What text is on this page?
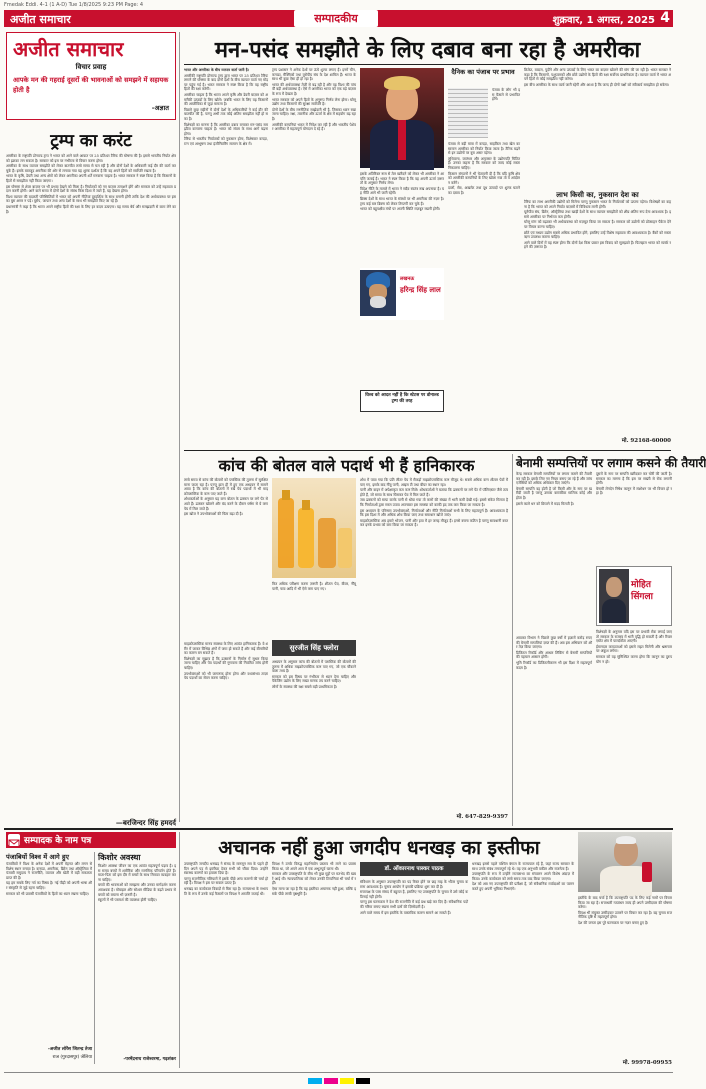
Fmedak Eddi. 4-1 (1 A-D) Tue 1/8/2025 9:23 PM Page: 4
अजीत समाचार	सम्पादकीय	शुक्रवार, 1 अगस्त, 2025 4
अजीत समाचार
विचार प्रवाह
आपके मन की गहराई दूसरों की भावनाओं को समझने में सहायक होती है
-अज्ञात
ट्रम्प का करंट

अमरीका के राष्ट्रपति डोनाल्ड ट्रम्प ने भारत को आने वाले आयात पर 25 प्रतिशत टैरिफ की घोषणा की है। इससे भारतीय निर्यात क्षेत्र को झटका लग सकता है। सरकार को इस पर गंभीरता से विचार करना होगा।

अमरीका के साथ व्यापार समझौते को लेकर बातचीत लम्बे समय से चल रही है और दोनों देशों के अधिकारी कई दौर की वार्ता कर चुके हैं। इसके बावजूद अमरीका की ओर से लगाया गया यह शुल्क दर्शाता है कि वह अपने हितों को सर्वोपरि रखता है।

भारत के कृषि, डेयरी तथा अन्य क्षेत्रों को लेकर अमरीका अपनी शर्तें मनवाना चाहता है। भारत सरकार ने स्पष्ट किया है कि किसानों के हितों से समझौता नहीं किया जाएगा।

इस घोषणा से शेयर बाज़ार पर भी प्रभाव देखने को मिला है। निर्यातकों को नए बाज़ार तलाशने होंगे और सरकार को उन्हें सहायता प्रदान करनी होगी। आने वाले समय में दोनों देशों के संबंध किस दिशा में जाते हैं, यह देखना होगा।

विश्व व्यापार की बदलती परिस्थितियों में भारत को अपनी नीतियां दूरदर्शिता के साथ बनानी होंगी ताकि देश की अर्थव्यवस्था पर इसका बुरा असर न पड़े। यूरोप, जापान तथा अन्य देशों के साथ भी समझौते किए जा रहे हैं।

प्रधानमंत्री ने कहा है कि भारत अपने राष्ट्रीय हितों की रक्षा के लिए हर कदम उठाएगा। यह समय धैर्य और समझदारी से काम लेने का है।

—बरजिन्दर सिंह हमदर्द
मन-पसंद समझौते के लिए दबाव बना रहा है अमरीका

भारत और अमरीका के बीच व्यापार वार्ता जारी है।

अमरीकी राष्ट्रपति डोनाल्ड ट्रम्प द्वारा भारत पर 25 प्रतिशत टैरिफ लगाने की घोषणा के बाद दोनों देशों के बीच व्यापार वार्ता नए मोड़ पर पहुंच गई है। भारत सरकार ने स्पष्ट किया है कि वह राष्ट्रीय हितों की रक्षा करेगी।

अमरीका चाहता है कि भारत अपने कृषि और डेयरी बाज़ार को अमरीकी उत्पादों के लिए खोले। जबकि भारत के लिए यह किसानों की आजीविका से जुड़ा मामला है।

पिछले कुछ महीनों में दोनों देशों के अधिकारियों ने कई दौर की बातचीत की है, परन्तु अभी तक कोई अंतिम समझौता नहीं हो सका है।

विशेषज्ञों का मानना है कि अमरीका दबाव बनाकर मन-पसंद समझौता करवाना चाहता है। भारत को संयम के साथ आगे बढ़ना होगा।

टैरिफ से भारतीय निर्यातकों को नुकसान होगा, विशेषकर कपड़ा, रत्न एवं आभूषण तथा इंजीनियरिंग सामान के क्षेत्र में।

ट्रम्प प्रशासन ने अनेक देशों पर ऊंचे शुल्क लगाए हैं। इनमें चीन, कनाडा, मैक्सिको तथा यूरोपीय संघ के देश शामिल हैं। भारत के साथ भी कुछ ऐसा ही हो रहा है।

भारत की अर्थव्यवस्था तेज़ी से बढ़ रही है और वह विश्व की पांचवीं बड़ी अर्थव्यवस्था है। ऐसे में अमरीका भारत को एक बड़े बाज़ार के रूप में देखता है।

भारत सरकार को अपने हितों के अनुरूप निर्णय लेना होगा। घरेलू उद्योग तथा किसानों की सुरक्षा सर्वोपरि है।

दोनों देशों के बीच रणनीतिक साझेदारी भी है, जिसका ध्यान रखा जाना चाहिए। रक्षा, तकनीक और ऊर्जा के क्षेत्र में सहयोग बढ़ रहा है।

अमरीकी कम्पनियां भारत में निवेश कर रही हैं और भारतीय पेशेवर अमरीका में महत्वपूर्ण योगदान दे रहे हैं।

इसके अतिरिक्त रूस से तेल खरीदने को लेकर भी अमरीका ने आपत्ति जताई है। भारत ने स्पष्ट किया है कि वह अपनी ऊर्जा ज़रूरतों के अनुसार निर्णय लेगा।

विदेश नीति के मामले में भारत ने सदैव स्वतंत्र रुख अपनाया है। यह नीति आगे भी जारी रहेगी।

ब्रिक्स देशों के साथ भारत के संबंधों पर भी अमरीका की नज़र है। ट्रम्प कई बार ब्रिक्स को लेकर टिप्पणी कर चुके हैं।

भारत को बहुपक्षीय मंचों पर अपनी स्थिति मज़बूत रखनी होगी।

लखनऊ
हरिन्द्र सिंह लाल
विश्व को आदत नहीं है कि स्टेटस पर डोनाल्ड ट्रम्प की तरह
दैनिक का पंजाब पर प्रभाव

पंजाब के लोग भी इस फ़ैसले से प्रभावित होंगे।

पंजाब से बड़ी मात्रा में कपड़ा, साइकिल तथा खेल का सामान अमरीका को निर्यात किया जाता है। टैरिफ बढ़ने से इन उद्योगों पर बुरा असर पड़ेगा।

लुधियाना, जालंधर और अमृतसर के उद्योगपति चिंतित हैं। उनका कहना है कि सरकार को जल्द कोई रास्ता निकालना चाहिए।

किसान संगठनों ने भी चेतावनी दी है कि यदि कृषि क्षेत्र को अमरीकी कम्पनियों के लिए खोला गया तो वे आंदोलन करेंगे।

दालों, सेब, अखरोट तथा दूध उत्पादों पर शुल्क घटाने का दबाव है।

क्रिकेट, बादाम, पुदीने और अन्य उत्पादों के लिए भारत का बाज़ार खोलने की मांग की जा रही है। भारत सरकार ने कहा है कि किसानों, पशुपालकों और छोटे उद्योगों के हितों की रक्षा सर्वोच्च प्राथमिकता है। व्यापार वार्ता में भारत अपने हितों से कोई समझौता नहीं करेगा।

इस बीच अमरीका के साथ वार्ता जारी रहेगी और आशा है कि जल्द ही दोनों पक्षों को स्वीकार्य समझौता हो सकेगा।

लाभ किसी का, नुकसान देश का

टैरिफ का लाभ अमरीकी उद्योगों को मिलेगा परन्तु नुकसान भारत के निर्यातकों को उठाना पड़ेगा। विशेषज्ञों का कहना है कि भारत को अपने निर्यात बाज़ारों में विविधता लानी होगी।

यूरोपीय संघ, ब्रिटेन, ऑस्ट्रेलिया तथा खाड़ी देशों के साथ व्यापार समझौतों को शीघ्र अंतिम रूप देना आवश्यक है। इससे अमरीका पर निर्भरता कम होगी।

घरेलू मांग को बढ़ाकर भी अर्थव्यवस्था को मज़बूत किया जा सकता है। सरकार को उद्योगों को प्रोत्साहन पैकेज देने पर विचार करना चाहिए।

छोटे एवं मध्यम उद्योग सबसे अधिक प्रभावित होंगे, इसलिए उन्हें विशेष सहायता की आवश्यकता है। बैंकों को सस्ता ऋण उपलब्ध कराना चाहिए।

आने वाले दिनों में यह स्पष्ट होगा कि दोनों देश किस प्रकार इस विवाद को सुलझाते हैं। फिलहाल भारत को सतर्क रहने की ज़रूरत है।

मो. 92168-60000
कांच की बोतल वाले पदार्थ भी हैं हानिकारक

लम्बे समय से कांच की बोतलों को प्लास्टिक की तुलना में सुरक्षित माना जाता रहा है। परन्तु हाल ही में हुए एक अध्ययन में सामने आया है कि कांच की बोतलों में रखे पेय पदार्थों में भी माइक्रोप्लास्टिक के कण पाए जाते हैं।

शोधकर्ताओं के अनुसार यह कण बोतल के ढक्कन पर लगे पेंट से आते हैं। ढक्कन खोलने और बंद करने के दौरान घर्षण से ये कण पेय में मिल जाते हैं।

इस खोज ने उपभोक्ताओं की चिंता बढ़ा दी है।

फिर अधिक परीक्षण करना ज़रूरी है। शीतल पेय, बीयर, नींबू पानी, चाय आदि में भी ऐसे कण पाए गए।

सुरजीत सिंह फ्लोरा

माइक्रोप्लास्टिक मानव स्वास्थ्य के लिए अत्यंत हानिकारक हैं। ये शरीर में जाकर विभिन्न अंगों में जमा हो सकते हैं और कई बीमारियों का कारण बन सकते हैं।

विशेषज्ञों का सुझाव है कि ढक्कनों के निर्माण में सुधार किया जाना चाहिए और पेय पदार्थों की गुणवत्ता की नियमित जांच होनी चाहिए।

उपभोक्ताओं को भी जागरूक होना होगा और यथासंभव ताज़ा पेय पदार्थों का सेवन करना चाहिए।

अध्ययन के अनुसार कांच की बोतलों में प्लास्टिक की बोतलों की तुलना में अधिक माइक्रोप्लास्टिक कण पाए गए, जो एक चौंकाने वाला तथ्य है।

सरकार को इस विषय पर गंभीरता से ध्यान देना चाहिए और पैकेजिंग उद्योग के लिए सख्त मानक तय करने चाहिए।

लोगों के स्वास्थ्य की रक्षा सबसे बड़ी प्राथमिकता है।

शोध में पाया गया कि प्रति लीटर पेय में सैकड़ों माइक्रोप्लास्टिक कण मौजूद थे। सबसे अधिक कण शीतल पेयों में पाए गए, इसके बाद नींबू पानी, आइस टी तथा बीयर का स्थान रहा।

पानी और वाइन में अपेक्षाकृत कम कण मिले। शोधकर्ताओं ने बताया कि ढक्कनों पर लगे पेंट में पॉलिएस्टर जैसे तत्व होते हैं, जो समय के साथ घिसकर पेय में मिल जाते हैं।

जब ढक्कनों को साफ करके पानी से धोया गया तो कणों की संख्या में भारी कमी देखी गई। इससे संकेत मिलता है कि निर्माताओं द्वारा सरल उपाय अपनाकर इस समस्या को काफी हद तक कम किया जा सकता है।

इस अध्ययन के परिणाम उपभोक्ताओं, निर्माताओं और नीति निर्माताओं सभी के लिए महत्वपूर्ण हैं। आवश्यकता है कि इस दिशा में और अधिक शोध किया जाए तथा समाधान खोजे जाएं।

माइक्रोप्लास्टिक अब हमारे भोजन, पानी और हवा में हर जगह मौजूद हैं। इनसे बचना कठिन है परन्तु सावधानी बरतकर इनके प्रभाव को कम किया जा सकता है।

मो. 647-829-9397
बेनामी सम्पत्तियों पर लगाम कसने की तैयारी

केन्द्र सरकार बेनामी सम्पत्तियों पर लगाम कसने की तैयारी कर रही है। इसके लिए नए नियम बनाए जा रहे हैं और जांच एजेंसियों को अधिक अधिकार दिए जाएंगे।

बेनामी सम्पत्ति वह होती है जो किसी और के नाम पर खरीदी जाती है परन्तु उसका वास्तविक मालिक कोई और होता है।

इससे काले धन को छिपाने में मदद मिलती है।

दूसरों के नाम पर सम्पत्ति खरीदकर कर चोरी की जाती है। सरकार का मानना है कि इस पर सख्ती से रोक लगानी होगी।

बेनामी लेनदेन निषेध कानून में संशोधन पर भी विचार हो रहा है।

मोहित सिंगला

आयकर विभाग ने पिछले कुछ वर्षों में हज़ारों करोड़ रुपए की बेनामी सम्पत्तियां ज़ब्त की हैं। अब इस अभियान को और तेज़ किया जाएगा।

डिजिटल रिकॉर्ड और आधार लिंकिंग से बेनामी सम्पत्तियों की पहचान आसान होगी।

भूमि रिकॉर्ड का डिजिटलीकरण भी इस दिशा में महत्वपूर्ण कदम है।

विशेषज्ञों के अनुसार यदि इस पर प्रभावी रोक लगाई जाए तो सरकार के राजस्व में भारी वृद्धि हो सकती है और रियल एस्टेट क्षेत्र में पारदर्शिता आएगी।

ईमानदार करदाताओं को इससे राहत मिलेगी और भ्रष्टाचार पर अंकुश लगेगा।

सरकार को यह सुनिश्चित करना होगा कि कानून का दुरुपयोग न हो।

सम्पादक के नाम पत्र
पंजाबियों विश्व में आगे हुए

पंजाबियों ने विश्व के अनेक देशों में अपनी मेहनत और लगन से विशेष स्थान बनाया है। कनाडा, अमरीका, ब्रिटेन तथा ऑस्ट्रेलिया में पंजाबी समुदाय ने राजनीति, व्यापार और खेती में बड़ी सफलता प्राप्त की है।

यह हम सबके लिए गर्व का विषय है। नई पीढ़ी को अपनी भाषा और संस्कृति से जुड़े रहना चाहिए।

सरकार को भी प्रवासी पंजाबियों के हितों का ध्यान रखना चाहिए।

-अजीत लोरेंस जितन्द्र तेजा
राज (गुरदासपुर) जेलिया
किशोर अवस्था

किशोर अवस्था जीवन का एक अत्यंत महत्वपूर्ण पड़ाव है। इस समय बच्चों में शारीरिक और मानसिक परिवर्तन होते हैं। माता-पिता को इस दौर में बच्चों के साथ मित्रवत व्यवहार करना चाहिए।

बच्चों की भावनाओं को समझना और उनका मार्गदर्शन करना आवश्यक है। मोबाइल और सोशल मीडिया के बढ़ते प्रभाव से बच्चों को बचाना भी ज़रूरी है।

स्कूलों में भी परामर्श की व्यवस्था होनी चाहिए।

-परमेंद्रनाथ राजेश्वरमा, गढ़शंकर
अचानक नहीं हुआ जगदीप धनखड़ का इस्तीफा

उपराष्ट्रपति जगदीप धनखड़ ने संसद के मानसून सत्र के पहले ही दिन अपने पद से इस्तीफा देकर सभी को चौंका दिया। उन्होंने स्वास्थ्य कारणों का हवाला दिया है।

परन्तु राजनीतिक गलियारों में इसके पीछे अन्य कारणों की चर्चा हो रही है। विपक्ष ने इस पर सवाल उठाए हैं।

धनखड़ का कार्यकाल विवादों से घिरा रहा है। राज्यसभा के सभापति के रूप में उनके कई फैसलों पर विपक्ष ने आपत्ति जताई थी।

विपक्ष ने उनके विरुद्ध महाभियोग प्रस्ताव भी लाने का प्रयास किया था, जो अपने आप में एक अभूतपूर्व घटना थी।

सरकार और उपराष्ट्रपति के बीच भी कुछ मुद्दों पर मतभेद की खबरें आई थीं। न्यायपालिका को लेकर उनकी टिप्पणियां भी चर्चा में रहीं।

ऐसा माना जा रहा है कि यह इस्तीफा अचानक नहीं हुआ, बल्कि इसके पीछे लम्बी पृष्ठभूमि है।

डॉ. ओंकारनाथ पास्कर पाठक

संविधान के अनुसार उपराष्ट्रपति का पद रिक्त होने पर छह माह के भीतर चुनाव कराना आवश्यक है। चुनाव आयोग ने इसकी प्रक्रिया शुरू कर दी है।

सत्तापक्ष के पास संसद में बहुमत है, इसलिए नए उपराष्ट्रपति के चुनाव में उसे कोई कठिनाई नहीं होगी।

परन्तु इस घटनाक्रम ने देश की राजनीति में कई प्रश्न खड़े कर दिए हैं। संवैधानिक पदों की गरिमा बनाए रखना सभी दलों की ज़िम्मेदारी है।

आने वाले समय में इस इस्तीफे के वास्तविक कारण सामने आ सकते हैं।

धनखड़ इससे पहले पश्चिम बंगाल के राज्यपाल रहे हैं, जहां राज्य सरकार के साथ उनके संबंध तनावपूर्ण रहे थे। वह एक अनुभवी वकील और राजनेता हैं।

उपराष्ट्रपति के रूप में उन्होंने राज्यसभा का संचालन अपने विशेष अंदाज़ में किया। उनके कार्यकाल को लम्बे समय तक याद किया जाएगा।

देश को अब नए उपराष्ट्रपति की प्रतीक्षा है, जो संवैधानिक मर्यादाओं का पालन करते हुए अपनी भूमिका निभाएंगे।

इस्तीफे के बाद चर्चा है कि उपराष्ट्रपति पद के लिए कई नामों पर विचार किया जा रहा है। सत्ताधारी गठबंधन जल्द ही अपने उम्मीदवार की घोषणा करेगा।

विपक्ष भी संयुक्त उम्मीदवार उतारने पर विचार कर रहा है। यह चुनाव राजनीतिक दृष्टि से महत्वपूर्ण होगा।

देश की जनता इस पूरे घटनाक्रम पर नज़र बनाए हुए है।

मो. 99978-09955
